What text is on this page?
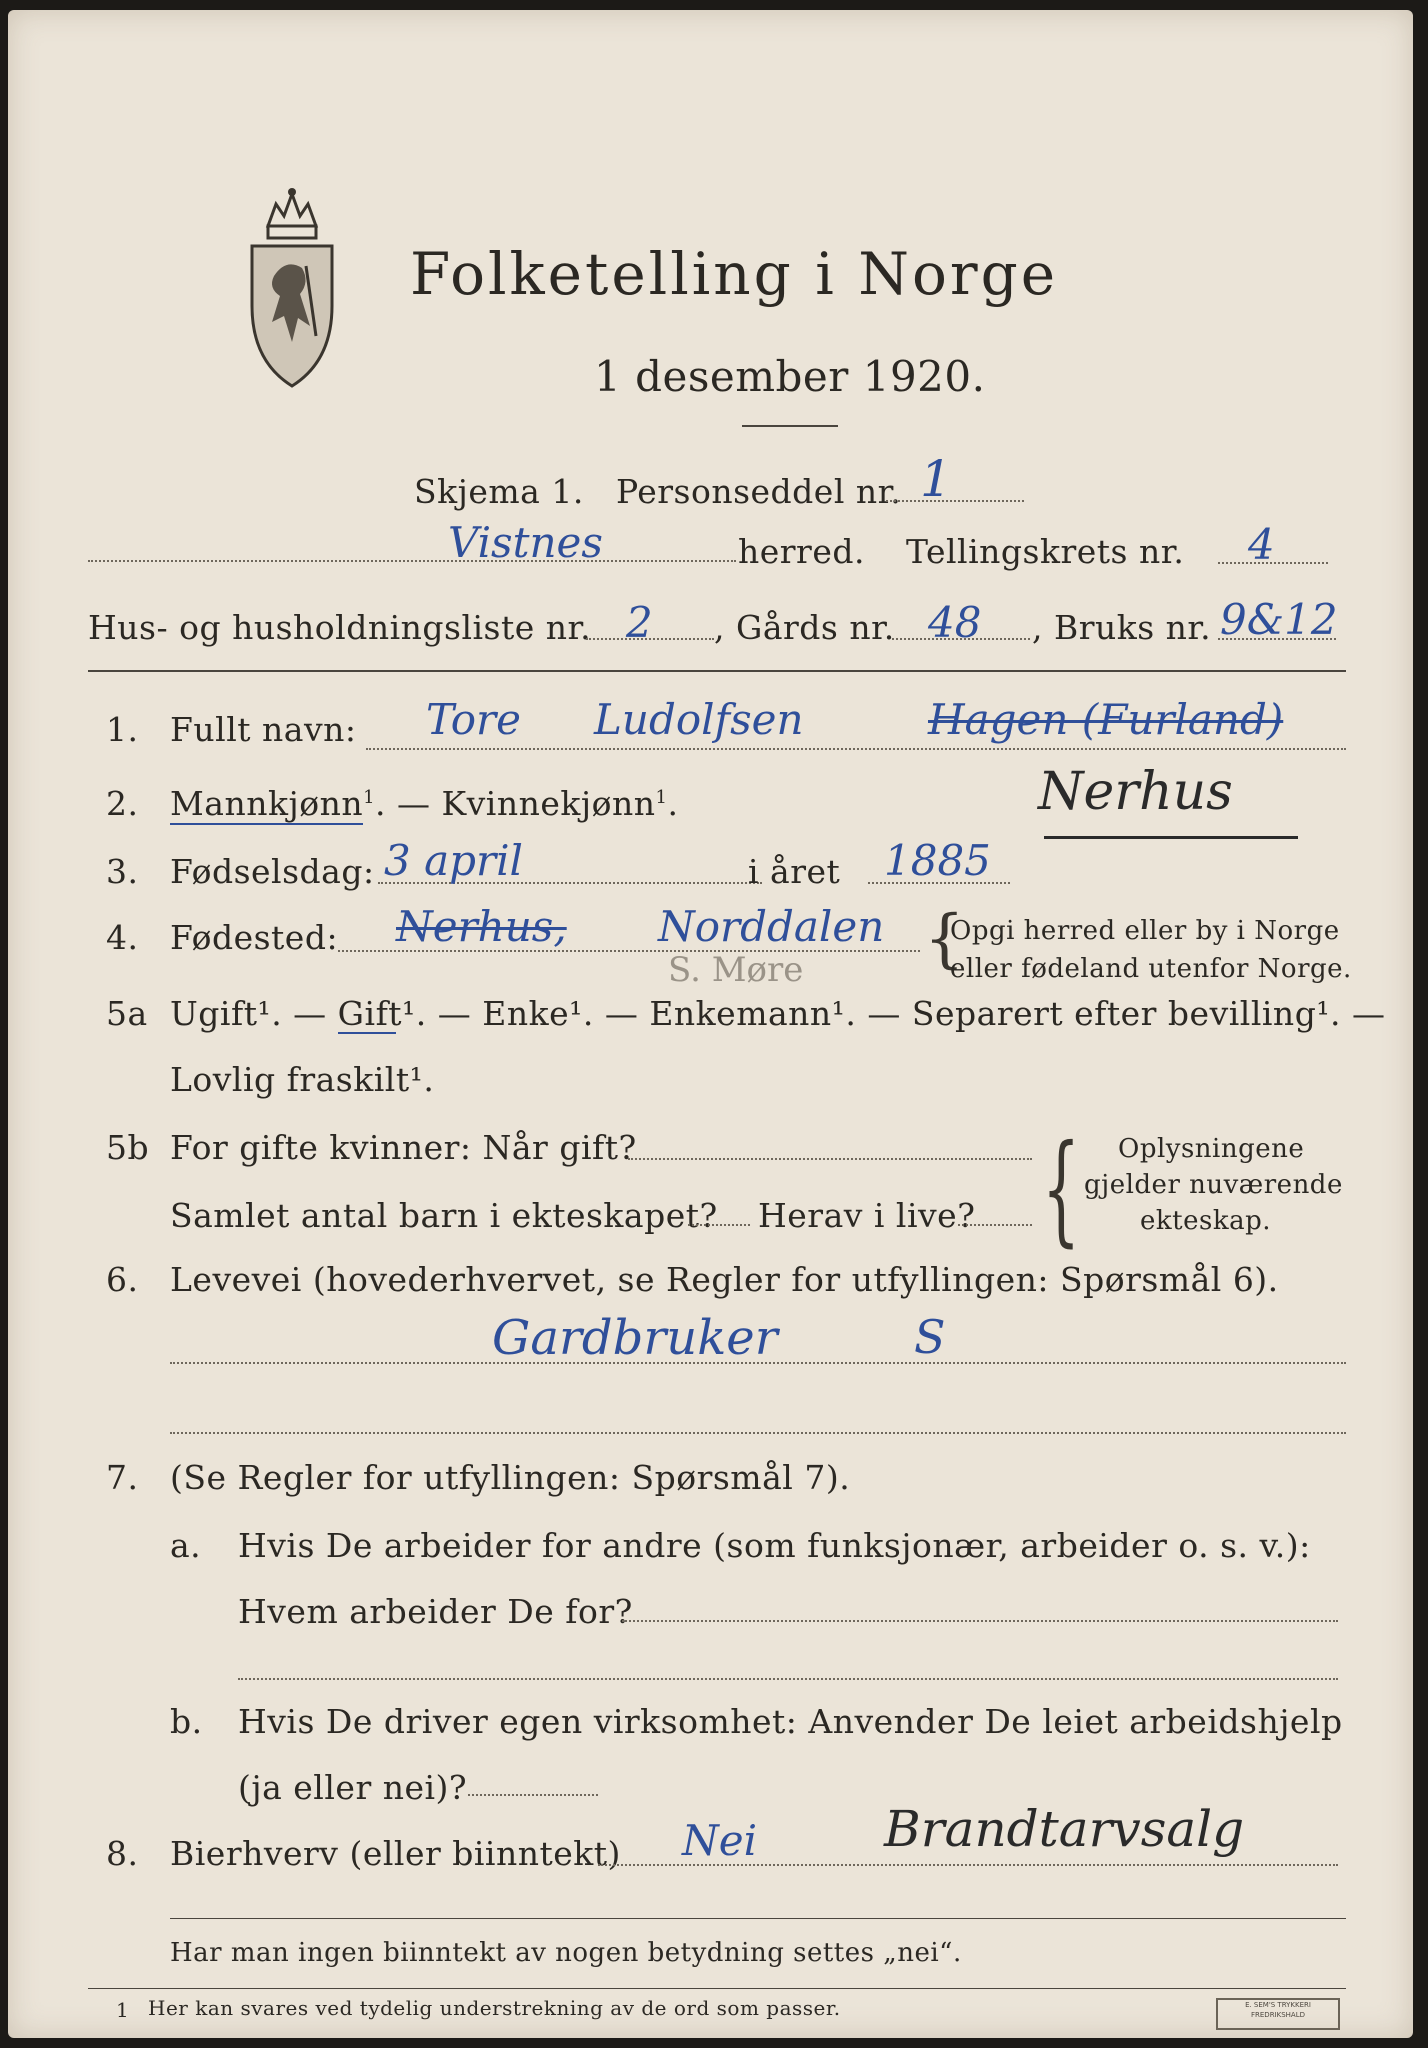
Folketelling i Norge
1 desember 1920.
Skjema 1. Personseddel nr. 1
Vistnes	herred. Tellingskrets nr. 4
Hus- og husholdningsliste nr. 2 , Gårds nr. 48 , Bruks nr. 9&12
1. Fullt navn: Tore Ludolfsen	Hagen (Furland)
Nerhus
2. Mannkjønn$^1$. — Kvinnekjønn$^1$.
3. Fødselsdag: 3 april	i året 1885
4. Fødested: Nerhus, Norddalen {
Opgi herred eller by i Norge
eller fødeland utenfor Norge.
S. Møre
5a Ugift¹. — Gift¹. — Enke¹. — Enkemann¹. — Separert efter bevilling¹. —
Lovlig fraskilt¹.
5b For gifte kvinner: Når gift?
Samlet antal barn i ekteskapet? Herav i live? { Oplysningene
gjelder nuværende
ekteskap.
6. Levevei (hovederhvervet, se Regler for utfyllingen: Spørsmål 6).
Gardbruker	S
7. (Se Regler for utfyllingen: Spørsmål 7).
a. Hvis De arbeider for andre (som funksjonær, arbeider o. s. v.):
Hvem arbeider De for?
b. Hvis De driver egen virksomhet: Anvender De leiet arbeidshjelp
(ja eller nei)?
8. Bierhverv (eller biinntekt) Nei	Brandtarvsalg
Har man ingen biinntekt av nogen betydning settes „nei“.
1 Her kan svares ved tydelig understrekning av de ord som passer.	E. SEM'S TRYKKERI
FREDRIKSHALD
